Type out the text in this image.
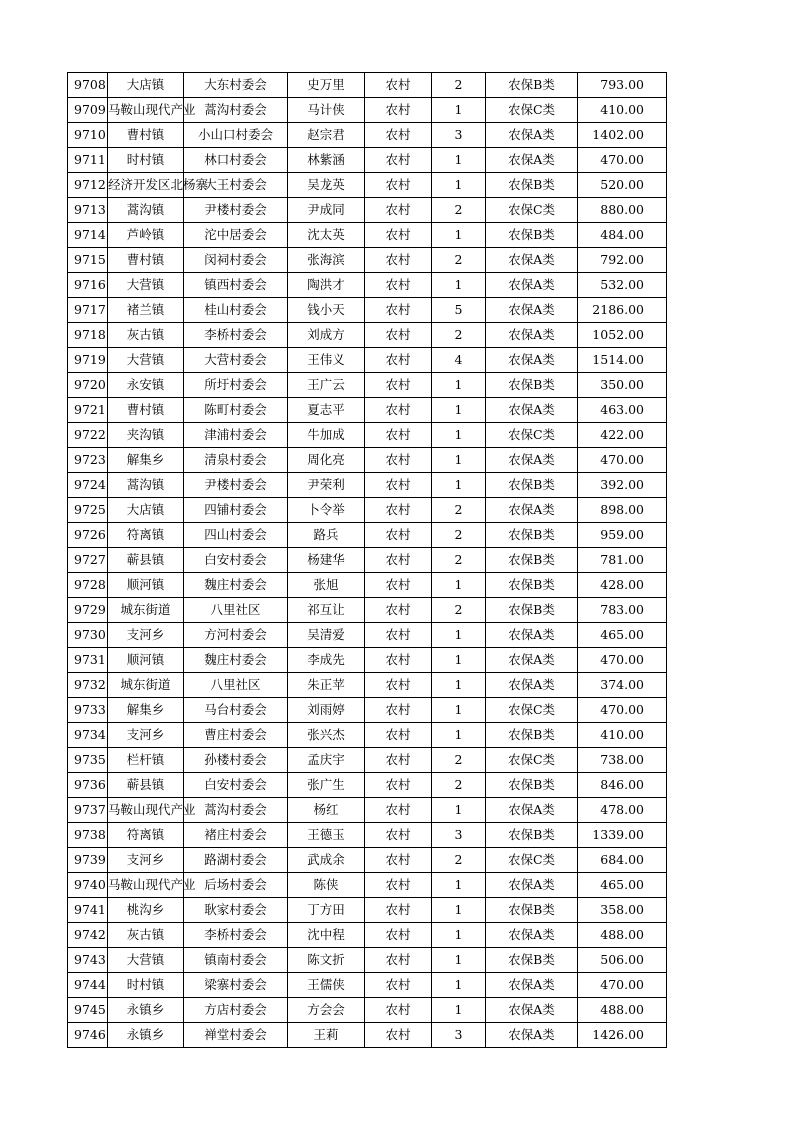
9708	大店镇	大东村委会	史万里	农村	2	农保B类	793.00
9709	马鞍山现代产业	蒿沟村委会	马计侠	农村	1	农保C类	410.00
9710	曹村镇	小山口村委会	赵宗君	农村	3	农保A类	1402.00
9711	时村镇	林口村委会	林紫涵	农村	1	农保A类	470.00
9712	经济开发区北杨寨	大王村委会	吴龙英	农村	1	农保B类	520.00
9713	蒿沟镇	尹楼村委会	尹成同	农村	2	农保C类	880.00
9714	芦岭镇	沱中居委会	沈太英	农村	1	农保B类	484.00
9715	曹村镇	闵祠村委会	张海滨	农村	2	农保A类	792.00
9716	大营镇	镇西村委会	陶洪才	农村	1	农保A类	532.00
9717	褚兰镇	桂山村委会	钱小天	农村	5	农保A类	2186.00
9718	灰古镇	李桥村委会	刘成方	农村	2	农保A类	1052.00
9719	大营镇	大营村委会	王伟义	农村	4	农保A类	1514.00
9720	永安镇	所圩村委会	王广云	农村	1	农保B类	350.00
9721	曹村镇	陈町村委会	夏志平	农村	1	农保A类	463.00
9722	夹沟镇	津浦村委会	牛加成	农村	1	农保C类	422.00
9723	解集乡	清泉村委会	周化亮	农村	1	农保A类	470.00
9724	蒿沟镇	尹楼村委会	尹荣利	农村	1	农保B类	392.00
9725	大店镇	四铺村委会	卜令举	农村	2	农保A类	898.00
9726	符离镇	四山村委会	路兵	农村	2	农保B类	959.00
9727	蕲县镇	白安村委会	杨建华	农村	2	农保B类	781.00
9728	顺河镇	魏庄村委会	张旭	农村	1	农保B类	428.00
9729	城东街道	八里社区	祁互让	农村	2	农保B类	783.00
9730	支河乡	方河村委会	吴清爱	农村	1	农保A类	465.00
9731	顺河镇	魏庄村委会	李成先	农村	1	农保A类	470.00
9732	城东街道	八里社区	朱正苹	农村	1	农保A类	374.00
9733	解集乡	马台村委会	刘雨婷	农村	1	农保C类	470.00
9734	支河乡	曹庄村委会	张兴杰	农村	1	农保B类	410.00
9735	栏杆镇	孙楼村委会	孟庆宇	农村	2	农保C类	738.00
9736	蕲县镇	白安村委会	张广生	农村	2	农保B类	846.00
9737	马鞍山现代产业	蒿沟村委会	杨红	农村	1	农保A类	478.00
9738	符离镇	褚庄村委会	王德玉	农村	3	农保B类	1339.00
9739	支河乡	路湖村委会	武成余	农村	2	农保C类	684.00
9740	马鞍山现代产业	后场村委会	陈侠	农村	1	农保A类	465.00
9741	桃沟乡	耿家村委会	丁方田	农村	1	农保B类	358.00
9742	灰古镇	李桥村委会	沈中程	农村	1	农保A类	488.00
9743	大营镇	镇南村委会	陈文折	农村	1	农保B类	506.00
9744	时村镇	梁寨村委会	王儒侠	农村	1	农保A类	470.00
9745	永镇乡	方店村委会	方会会	农村	1	农保A类	488.00
9746	永镇乡	禅堂村委会	王莉	农村	3	农保A类	1426.00
